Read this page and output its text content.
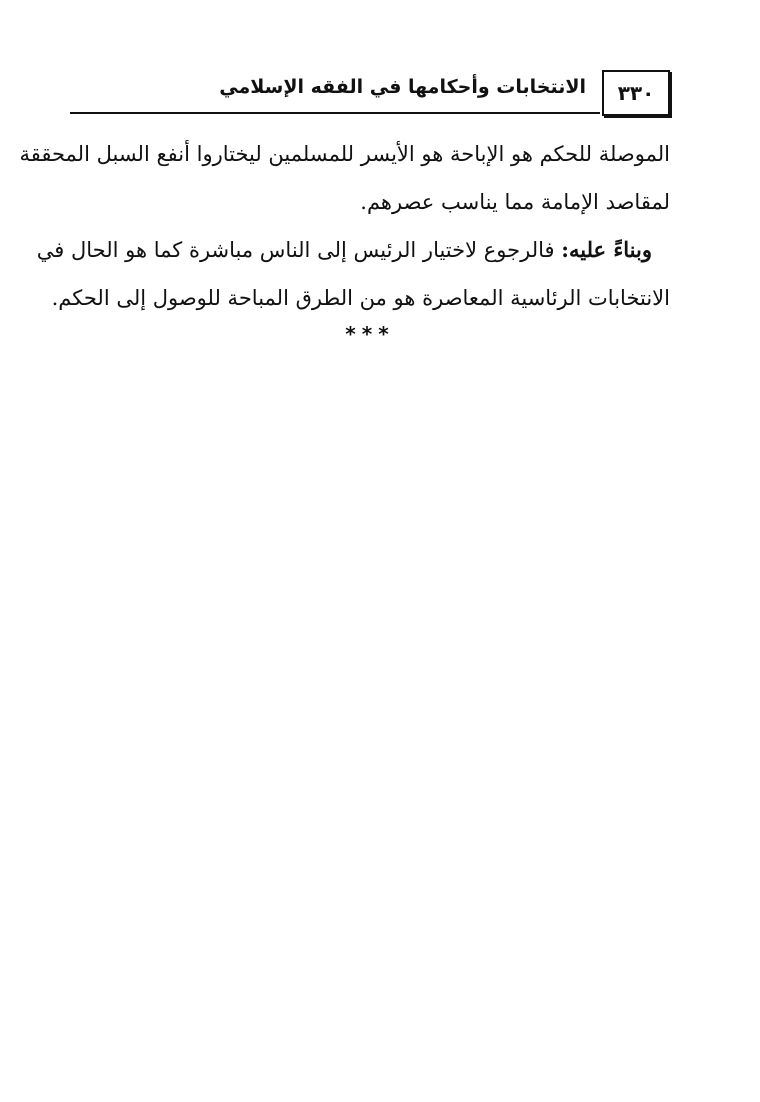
٣٣٠
الانتخابات وأحكامها في الفقه الإسلامي
الموصلة للحكم هو الإباحة هو الأيسر للمسلمين ليختاروا أنفع السبل المحققة
لمقاصد الإمامة مما يناسب عصرهم.
وبناءً عليه: فالرجوع لاختيار الرئيس إلى الناس مباشرة كما هو الحال في
الانتخابات الرئاسية المعاصرة هو من الطرق المباحة للوصول إلى الحكم.
***
